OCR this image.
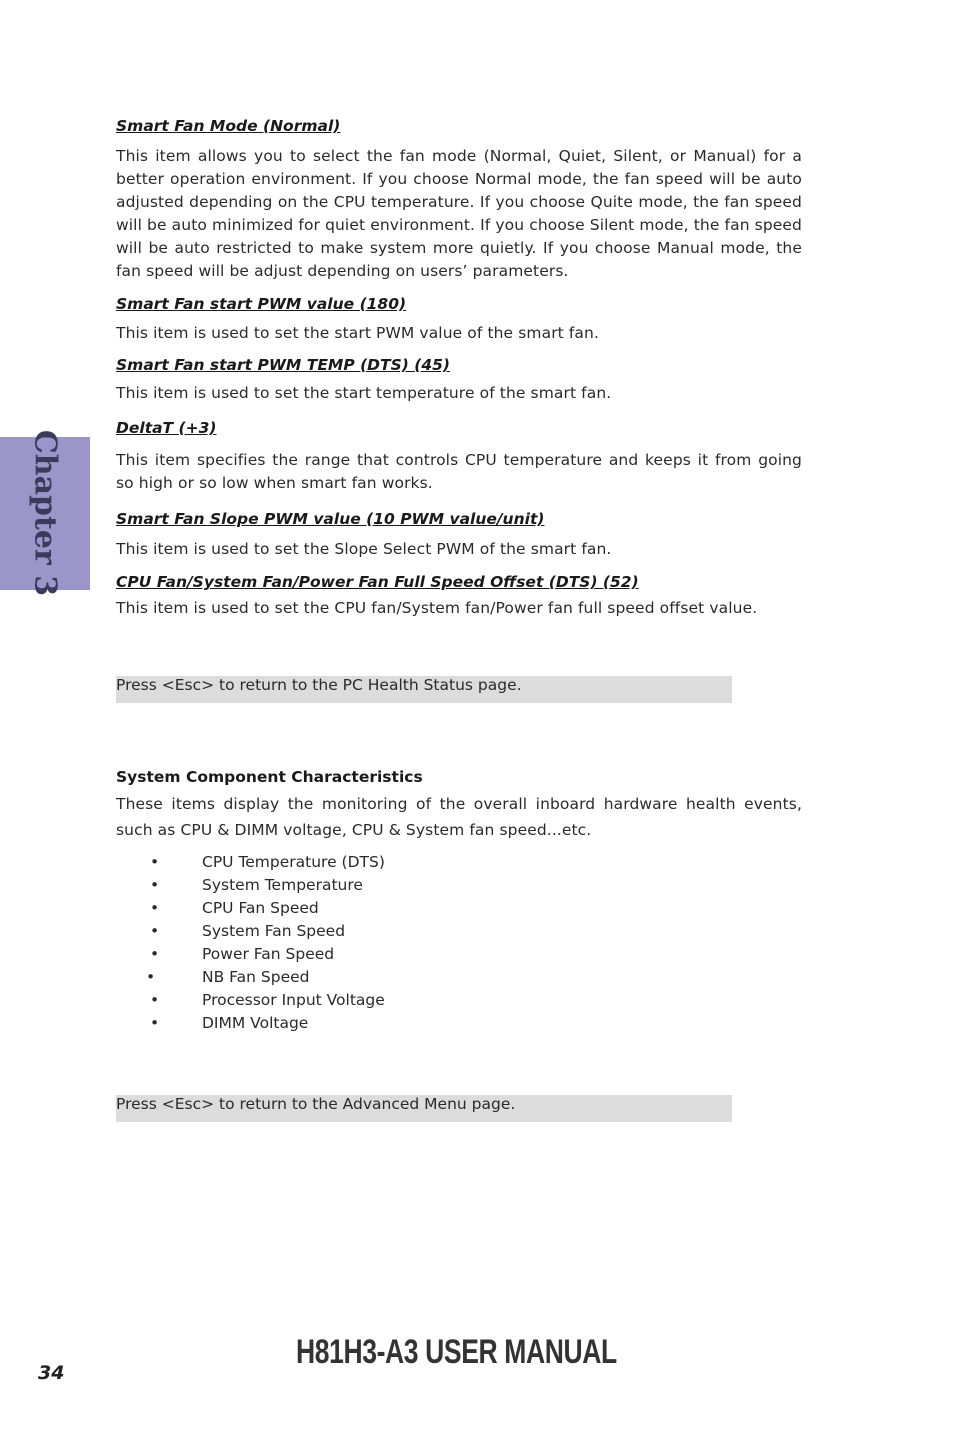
Chapter 3
Smart Fan Mode (Normal)

This item allows you to select the fan mode (Normal, Quiet, Silent, or Manual) for a better operation environment. If you choose Normal mode, the fan speed will be auto adjusted depending on the CPU temperature. If you choose Quite mode, the fan speed will be auto minimized for quiet environment. If you choose Silent mode, the fan speed will be auto restricted to make system more quietly. If you choose Manual mode, the fan speed will be adjust depending on users’ parameters.

Smart Fan start PWM value (180)

This item is used to set the start PWM value of the smart fan.

Smart Fan start PWM TEMP (DTS) (45)

This item is used to set the start temperature of the smart fan.

DeltaT (+3)

This item specifies the range that controls CPU temperature and keeps it from going so high or so low when smart fan works.

Smart Fan Slope PWM value (10 PWM value/unit)

This item is used to set the Slope Select PWM of the smart fan.

CPU Fan/System Fan/Power Fan Full Speed Offset (DTS) (52)

This item is used to set the CPU fan/System fan/Power fan full speed offset value.

Press <Esc> to return to the PC Health Status page.
System Component Characteristics

These items display the monitoring of the overall inboard hardware health events, such as CPU & DIMM voltage, CPU & System fan speed...etc.

•	CPU Temperature (DTS)
•	System Temperature
•	CPU Fan Speed
•	System Fan Speed
•	Power Fan Speed
•	NB Fan Speed
•	Processor Input Voltage
•	DIMM Voltage
Press <Esc> to return to the Advanced Menu page.
34
H81H3-A3 USER MANUAL
